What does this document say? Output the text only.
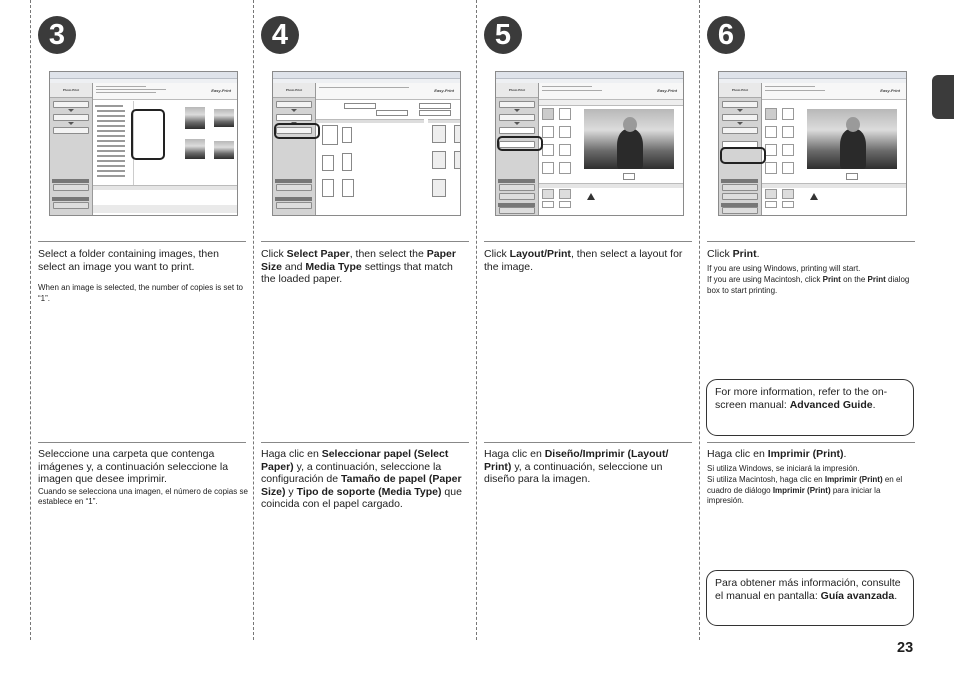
3	4	5	6
Photo Print	Easy-Print	Photo Print	Easy-Print	Photo Print	Easy-Print	Photo Print	Easy-Print
Select a folder containing images, then select an image you want to print.
When an image is selected, the number of copies is set to “1”.
Click Select Paper, then select the Paper Size and Media Type settings that match the loaded paper.
Click Layout/Print, then select a layout for the image.
Click Print.
If you are using Windows, printing will start.
If you are using Macintosh, click Print on the Print dialog box to start printing.
For more information, refer to the on-screen manual: Advanced Guide.
Seleccione una carpeta que contenga imágenes y, a continuación seleccione la imagen que desee imprimir.
Cuando se selecciona una imagen, el número de copias se establece en “1”.
Haga clic en Seleccionar papel (Select Paper) y, a continuación, seleccione la configuración de Tamaño de papel (Paper Size) y Tipo de soporte (Media Type) que coincida con el papel cargado.
Haga clic en Diseño/Imprimir (Layout/ Print) y, a continuación, seleccione un diseño para la imagen.
Haga clic en Imprimir (Print).
Si utiliza Windows, se iniciará la impresión.
Si utiliza Macintosh, haga clic en Imprimir (Print) en el cuadro de diálogo Imprimir (Print) para iniciar la impresión.
Para obtener más información, consulte el manual en pantalla: Guía avanzada.
23
